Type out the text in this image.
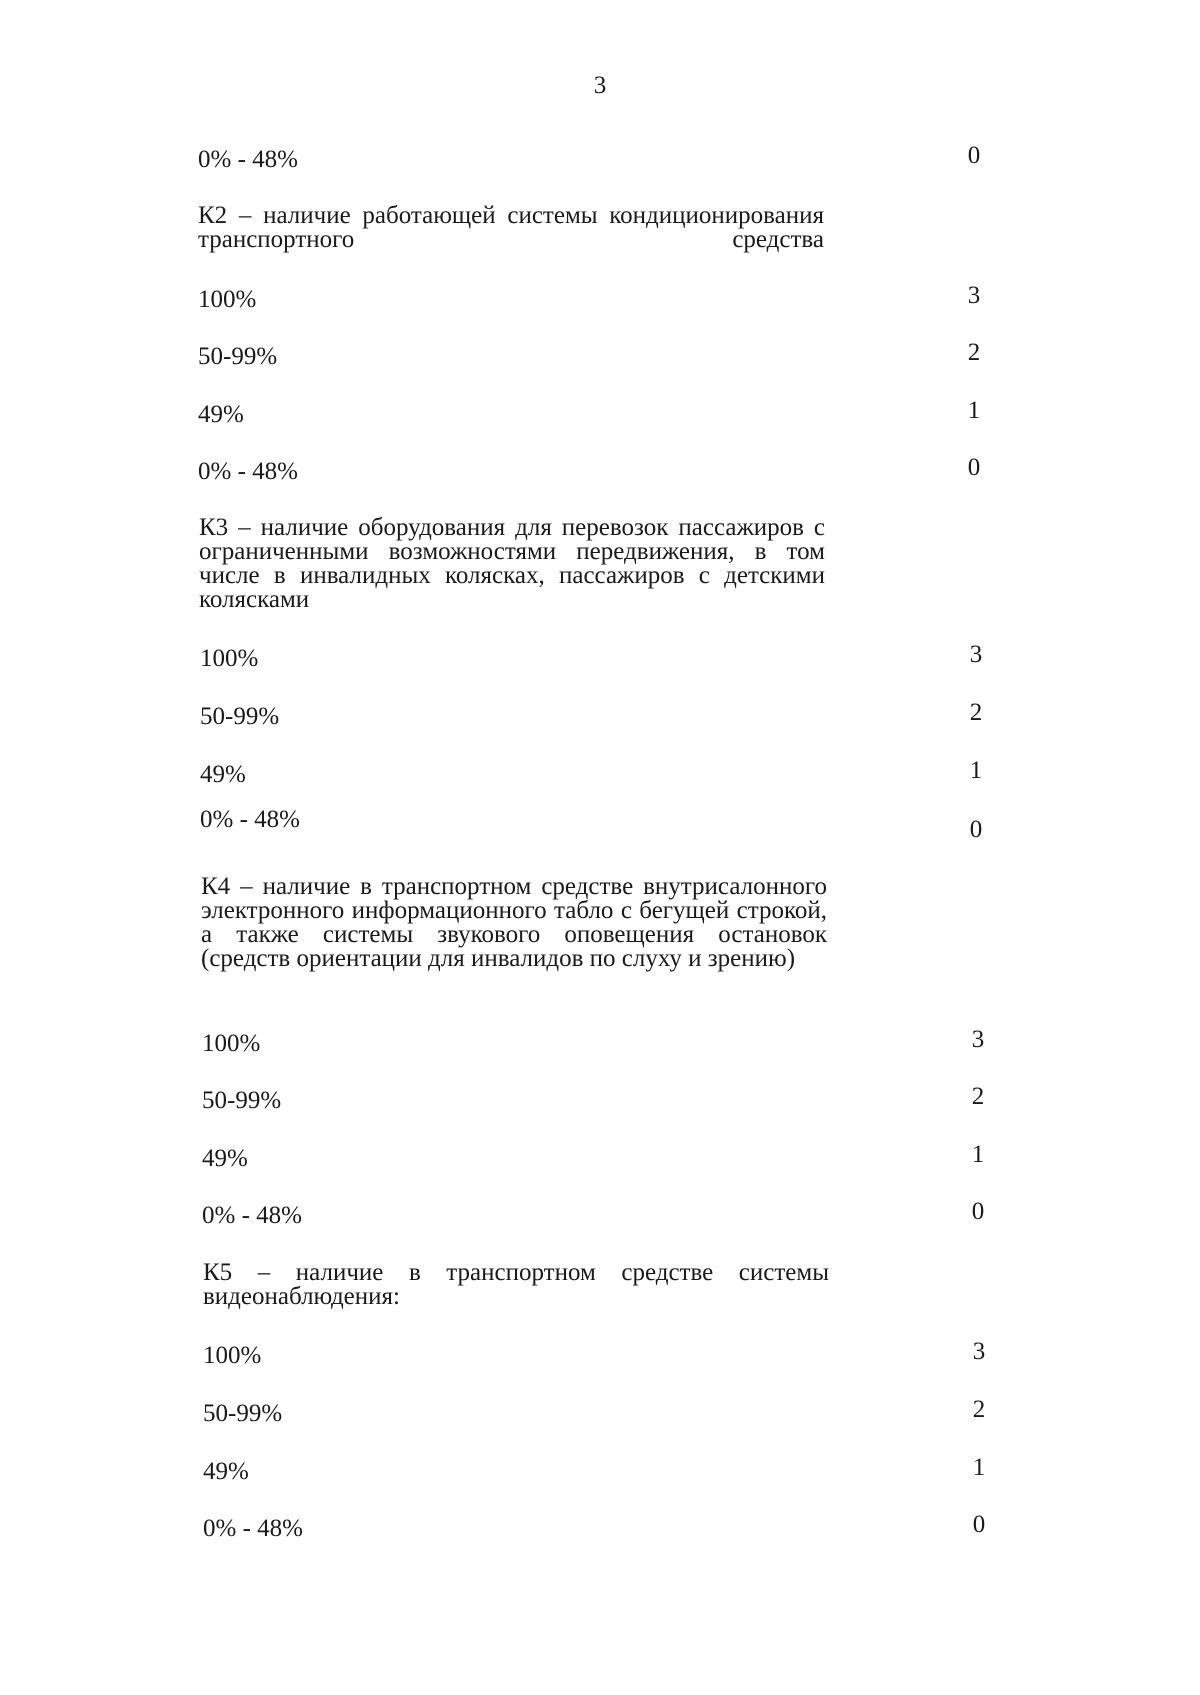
3
0% - 48%	0
К2 – наличие работающей системы кондиционирования транспортного средства
100%	3
50-99%	2
49%	1
0% - 48%	0
К3 – наличие оборудования для перевозок пассажиров с ограниченными возможностями передвижения, в том числе в инвалидных колясках, пассажиров с детскими колясками
100%	3
50-99%	2
49%	1
0% - 48%	0
К4 – наличие в транспортном средстве внутрисалонного электронного информационного табло с бегущей строкой, а также системы звукового оповещения остановок (средств ориентации для инвалидов по слуху и зрению)
100%	3
50-99%	2
49%	1
0% - 48%	0
К5 – наличие в транспортном средстве системы видеонаблюдения:
100%	3
50-99%	2
49%	1
0% - 48%	0
